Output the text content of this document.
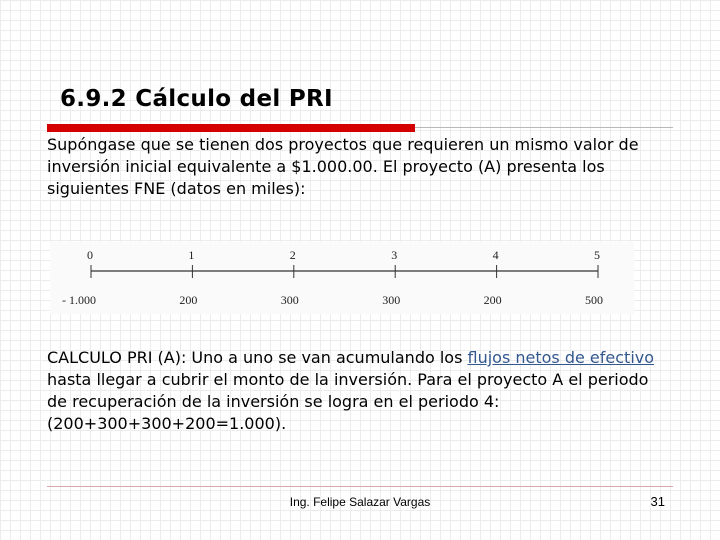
6.9.2 Cálculo del PRI

Supóngase que se tienen dos proyectos que requieren un mismo valor de inversión inicial equivalente a $1.000.00. El proyecto (A) presenta los siguientes FNE (datos en miles):

0
- 1.000
1
200
2
300
3
300
4
200
5
500

CALCULO PRI (A): Uno a uno se van acumulando los flujos netos de efectivo hasta llegar a cubrir el monto de la inversión. Para el proyecto A el periodo de recuperación de la inversión se logra en el periodo 4: (200+300+300+200=1.000).

Ing. Felipe Salazar Vargas	31
